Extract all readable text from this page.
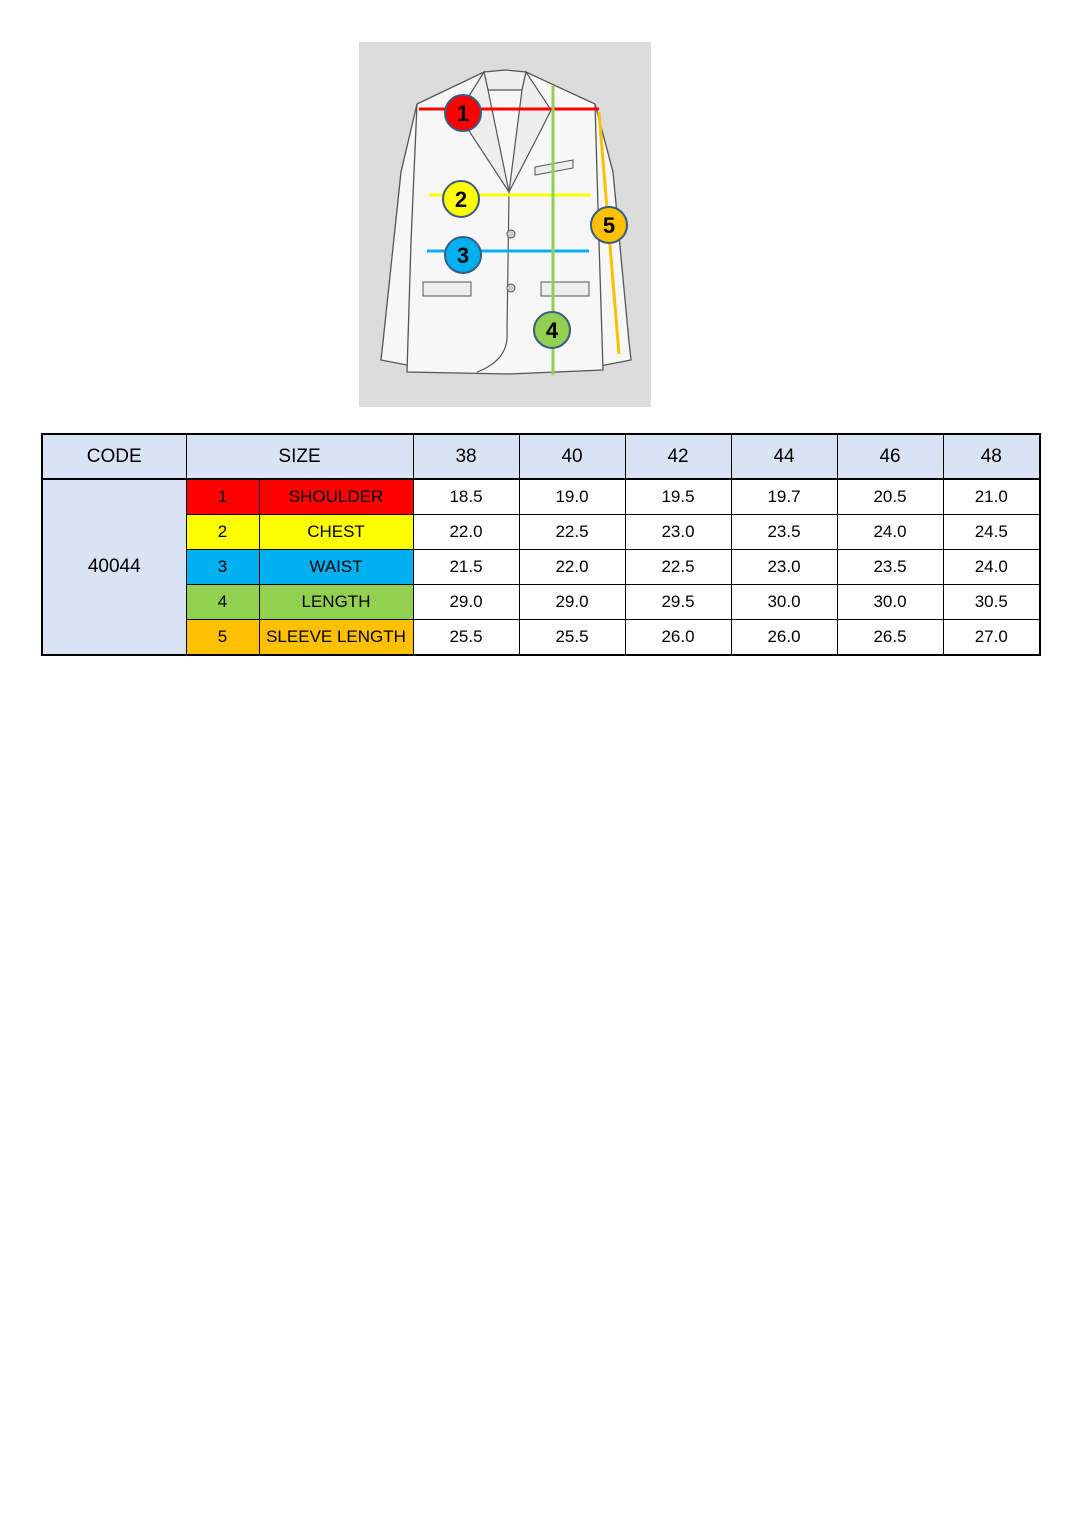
1
2
3
4
5
CODE	SIZE		38	40	42	44	46	48
40044	1	SHOULDER	18.5	19.0	19.5	19.7	20.5	21.0
	2	CHEST	22.0	22.5	23.0	23.5	24.0	24.5
	3	WAIST	21.5	22.0	22.5	23.0	23.5	24.0
	4	LENGTH	29.0	29.0	29.5	30.0	30.0	30.5
	5	SLEEVE LENGTH	25.5	25.5	26.0	26.0	26.5	27.0
